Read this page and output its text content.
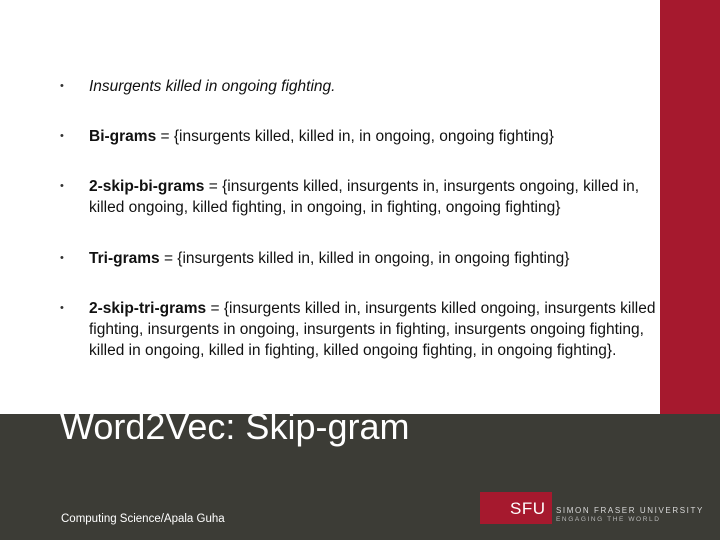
• Insurgents killed in ongoing fighting.
• Bi-grams = {insurgents killed, killed in, in ongoing, ongoing fighting}
• 2-skip-bi-grams = {insurgents killed, insurgents in, insurgents ongoing, killed in, killed ongoing, killed fighting, in ongoing, in fighting, ongoing fighting}
• Tri-grams = {insurgents killed in, killed in ongoing, in ongoing fighting}
• 2-skip-tri-grams = {insurgents killed in, insurgents killed ongoing, insurgents killed fighting, insurgents in ongoing, insurgents in fighting, insurgents ongoing fighting, killed in ongoing, killed in fighting, killed ongoing fighting, in ongoing fighting}.
Word2Vec: Skip-gram
Computing Science/Apala Guha
SFU SIMON FRASER UNIVERSITY
ENGAGING THE WORLD
